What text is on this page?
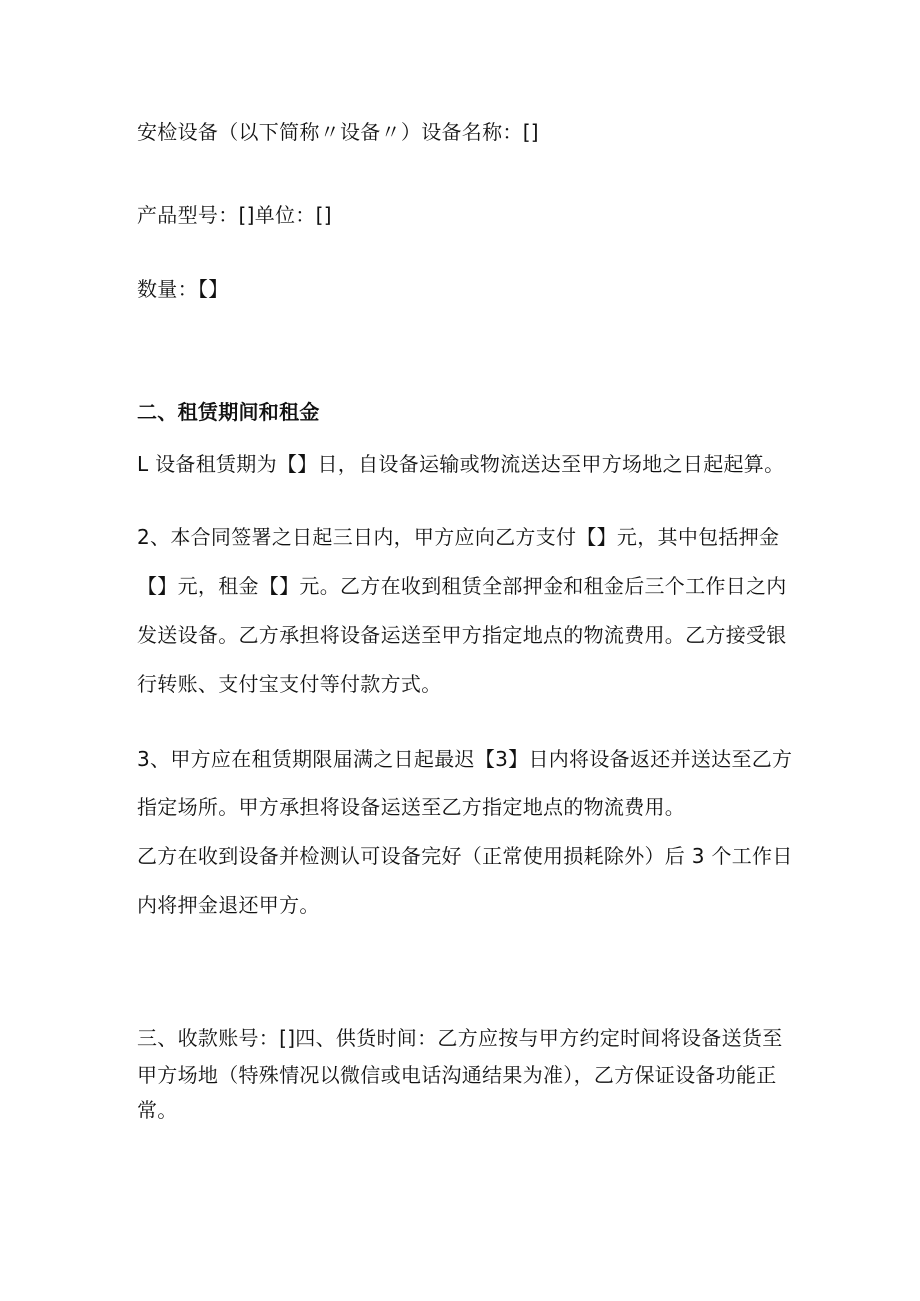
安检设备（以下简称〃设备〃）设备名称：[]
产品型号：[]单位：[]
数量：【】
二、租赁期间和租金
L 设备租赁期为【】日，自设备运输或物流送达至甲方场地之日起起算。
2、本合同签署之日起三日内，甲方应向乙方支付【】元，其中包括押金
【】元，租金【】元。乙方在收到租赁全部押金和租金后三个工作日之内
发送设备。乙方承担将设备运送至甲方指定地点的物流费用。乙方接受银
行转账、支付宝支付等付款方式。
3、甲方应在租赁期限届满之日起最迟【3】日内将设备返还并送达至乙方
指定场所。甲方承担将设备运送至乙方指定地点的物流费用。
乙方在收到设备并检测认可设备完好（正常使用损耗除外）后 3 个工作日
内将押金退还甲方。
三、收款账号：[]四、供货时间：乙方应按与甲方约定时间将设备送货至
甲方场地（特殊情况以微信或电话沟通结果为准），乙方保证设备功能正
常。
